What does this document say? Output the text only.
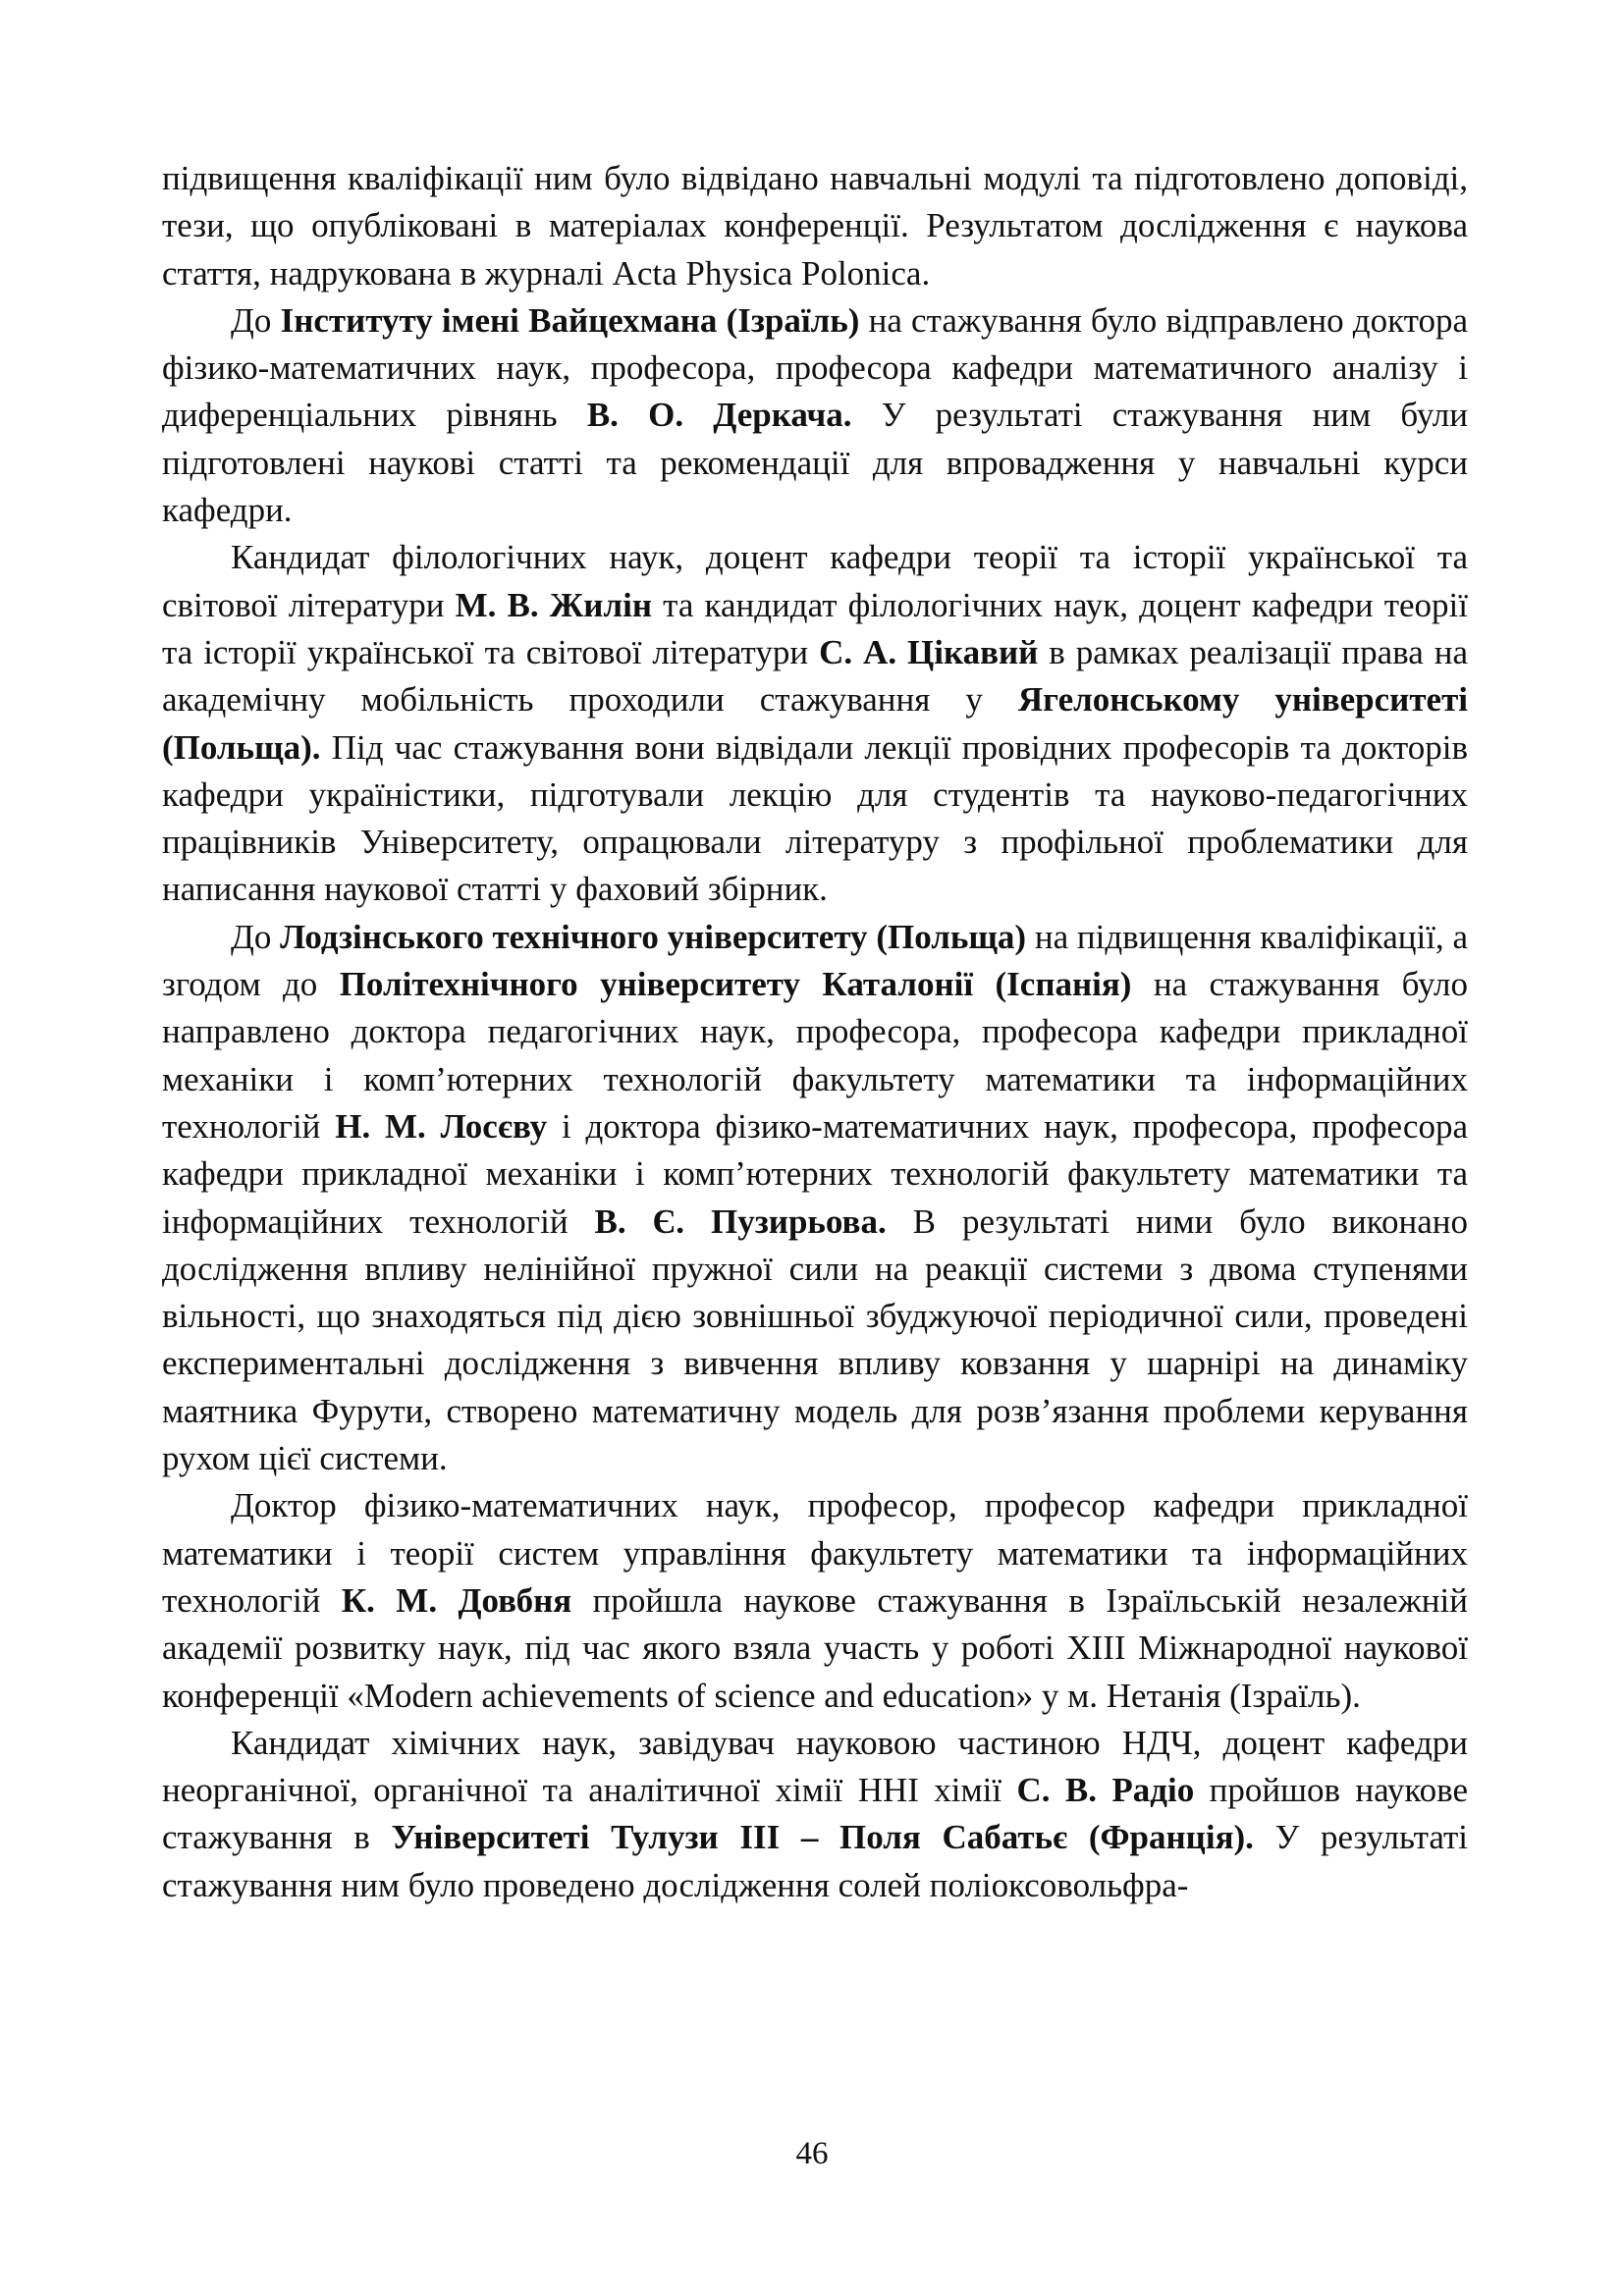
підвищення кваліфікації ним було відвідано навчальні модулі та підготовлено доповіді, тези, що опубліковані в матеріалах конференції. Результатом дослідження є наукова стаття, надрукована в журналі Acta Physica Polonica.

До Інституту імені Вайцехмана (Ізраїль) на стажування було відправлено доктора фізико-математичних наук, професора, професора кафедри математичного аналізу і диференціальних рівнянь В. О. Деркача. У результаті стажування ним були підготовлені наукові статті та рекомендації для впровадження у навчальні курси кафедри.

Кандидат філологічних наук, доцент кафедри теорії та історії української та світової літератури М. В. Жилін та кандидат філологічних наук, доцент кафедри теорії та історії української та світової літератури С. А. Цікавий в рамках реалізації права на академічну мобільність проходили стажування у Ягелонському університеті (Польща). Під час стажування вони відвідали лекції провідних професорів та докторів кафедри україністики, підготували лекцію для студентів та науково-педагогічних працівників Університету, опрацювали літературу з профільної проблематики для написання наукової статті у фаховий збірник.

До Лодзінського технічного університету (Польща) на підвищення кваліфікації, а згодом до Політехнічного університету Каталонії (Іспанія) на стажування було направлено доктора педагогічних наук, професора, професора кафедри прикладної механіки і комп’ютерних технологій факультету математики та інформаційних технологій Н. М. Лосєву і доктора фізико-математичних наук, професора, професора кафедри прикладної механіки і комп’ютерних технологій факультету математики та інформаційних технологій В. Є. Пузирьова. В результаті ними було виконано дослідження впливу нелінійної пружної сили на реакції системи з двома ступенями вільності, що знаходяться під дією зовнішньої збуджуючої періодичної сили, проведені експериментальні дослідження з вивчення впливу ковзання у шарнірі на динаміку маятника Фурути, створено математичну модель для розв’язання проблеми керування рухом цієї системи.

Доктор фізико-математичних наук, професор, професор кафедри прикладної математики і теорії систем управління факультету математики та інформаційних технологій К. М. Довбня пройшла наукове стажування в Ізраїльській незалежній академії розвитку наук, під час якого взяла участь у роботі XIII Міжнародної наукової конференції «Modern achievements of science and education» у м. Нетанія (Ізраїль).

Кандидат хімічних наук, завідувач науковою частиною НДЧ, доцент кафедри неорганічної, органічної та аналітичної хімії ННІ хімії С. В. Радіо пройшов наукове стажування в Університеті Тулузи III – Поля Сабатьє (Франція). У результаті стажування ним було проведено дослідження солей поліоксовольфра-

46
